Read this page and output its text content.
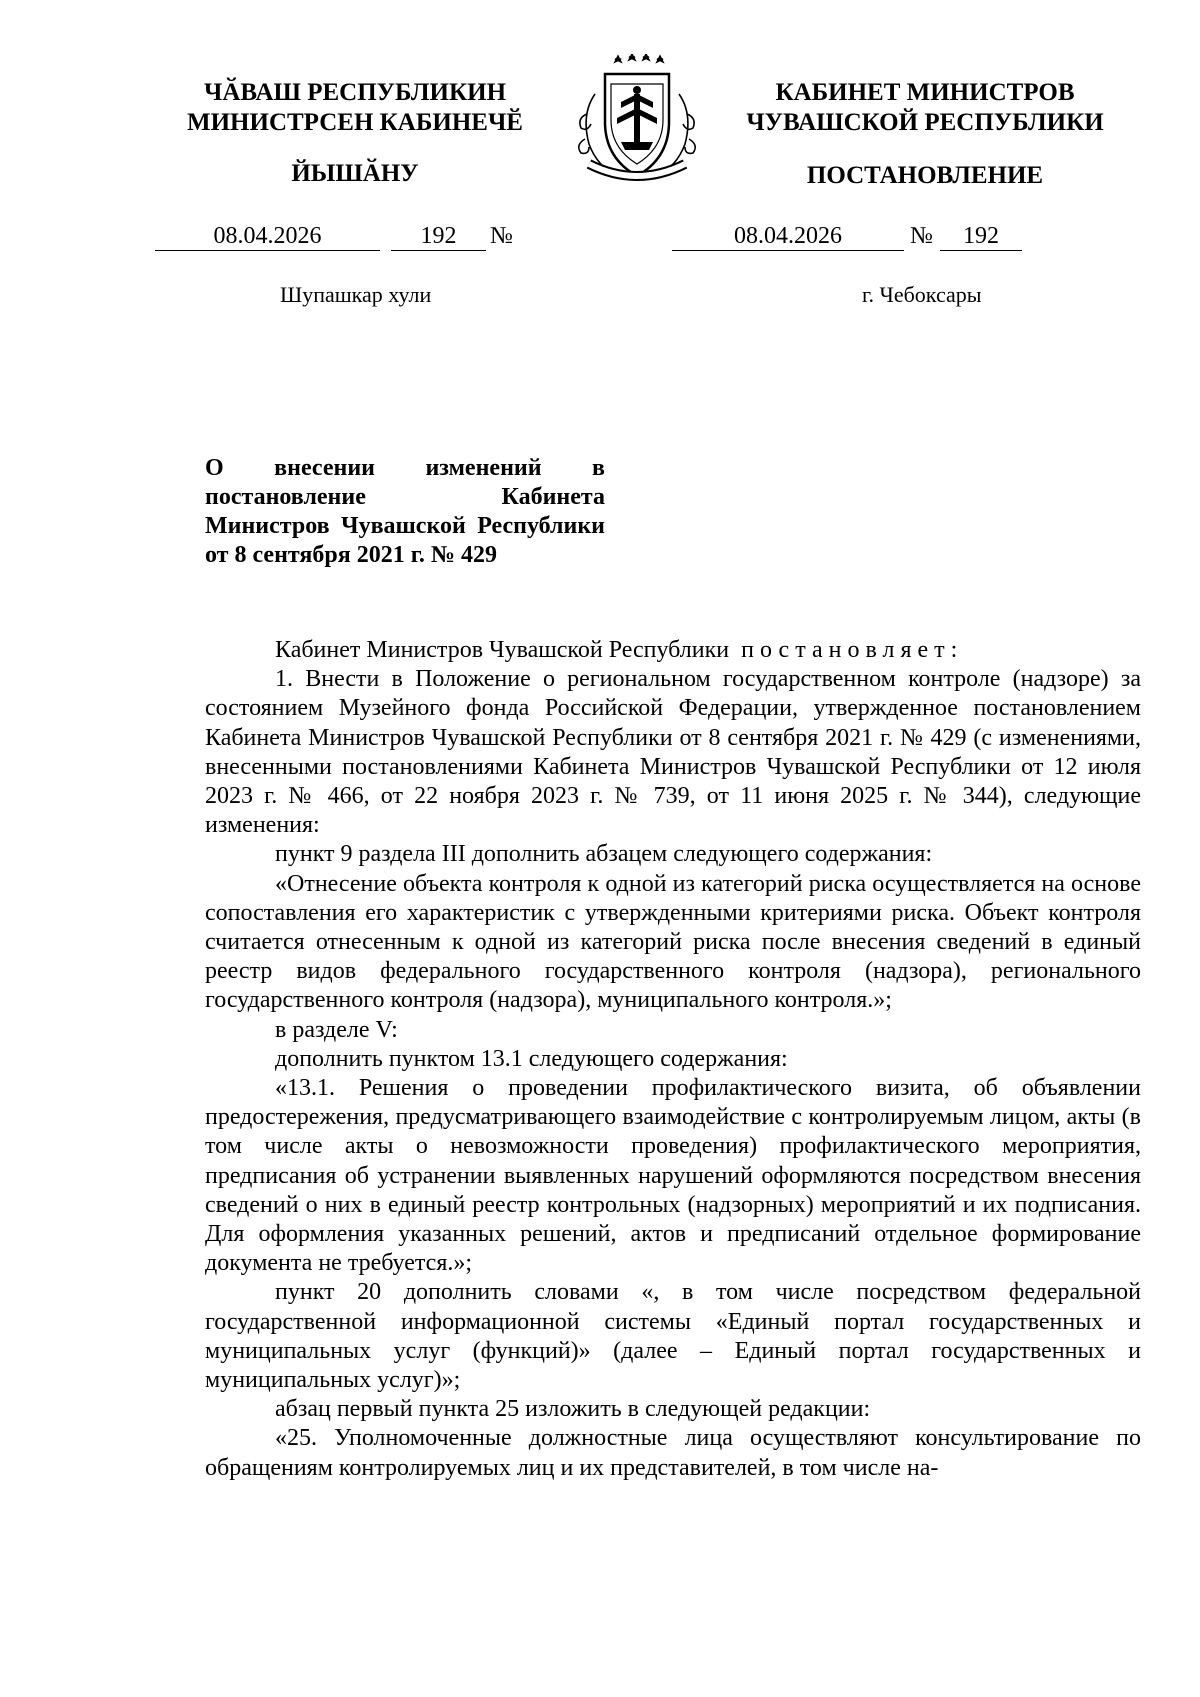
ЧӐВАШ РЕСПУБЛИКИН
МИНИСТРСЕН КАБИНЕЧӖ
ЙЫШӐНУ
КАБИНЕТ МИНИСТРОВ
ЧУВАШСКОЙ РЕСПУБЛИКИ
ПОСТАНОВЛЕНИЕ
08.04.2026	192	№	08.04.2026	№	192
Шупашкар хули	г. Чебоксары
О внесении изменений в постановление Кабинета Министров Чувашской Республики от 8 сентября 2021 г. № 429

Кабинет Министров Чувашской Республики постановляет:

1. Внести в Положение о региональном государственном контроле (надзоре) за состоянием Музейного фонда Российской Федерации, утвержденное постановлением Кабинета Министров Чувашской Республики от 8 сентября 2021 г. № 429 (с изменениями, внесенными постановлениями Кабинета Министров Чувашской Республики от 12 июля 2023 г. № 466, от 22 ноября 2023 г. № 739, от 11 июня 2025 г. № 344), следующие изменения:

пункт 9 раздела III дополнить абзацем следующего содержания:

«Отнесение объекта контроля к одной из категорий риска осуществляется на основе сопоставления его характеристик с утвержденными критериями риска. Объект контроля считается отнесенным к одной из категорий риска после внесения сведений в единый реестр видов федерального государственного контроля (надзора), регионального государственного контроля (надзора), муниципального контроля.»;

в разделе V:

дополнить пунктом 13.1 следующего содержания:

«13.1. Решения о проведении профилактического визита, об объявлении предостережения, предусматривающего взаимодействие с контролируемым лицом, акты (в том числе акты о невозможности проведения) профилактического мероприятия, предписания об устранении выявленных нарушений оформляются посредством внесения сведений о них в единый реестр контрольных (надзорных) мероприятий и их подписания. Для оформления указанных решений, актов и предписаний отдельное формирование документа не требуется.»;

пункт 20 дополнить словами «, в том числе посредством федеральной государственной информационной системы «Единый портал государственных и муниципальных услуг (функций)» (далее – Единый портал государственных и муниципальных услуг)»;

абзац первый пункта 25 изложить в следующей редакции:

«25. Уполномоченные должностные лица осуществляют консультирование по обращениям контролируемых лиц и их представителей, в том числе на-
